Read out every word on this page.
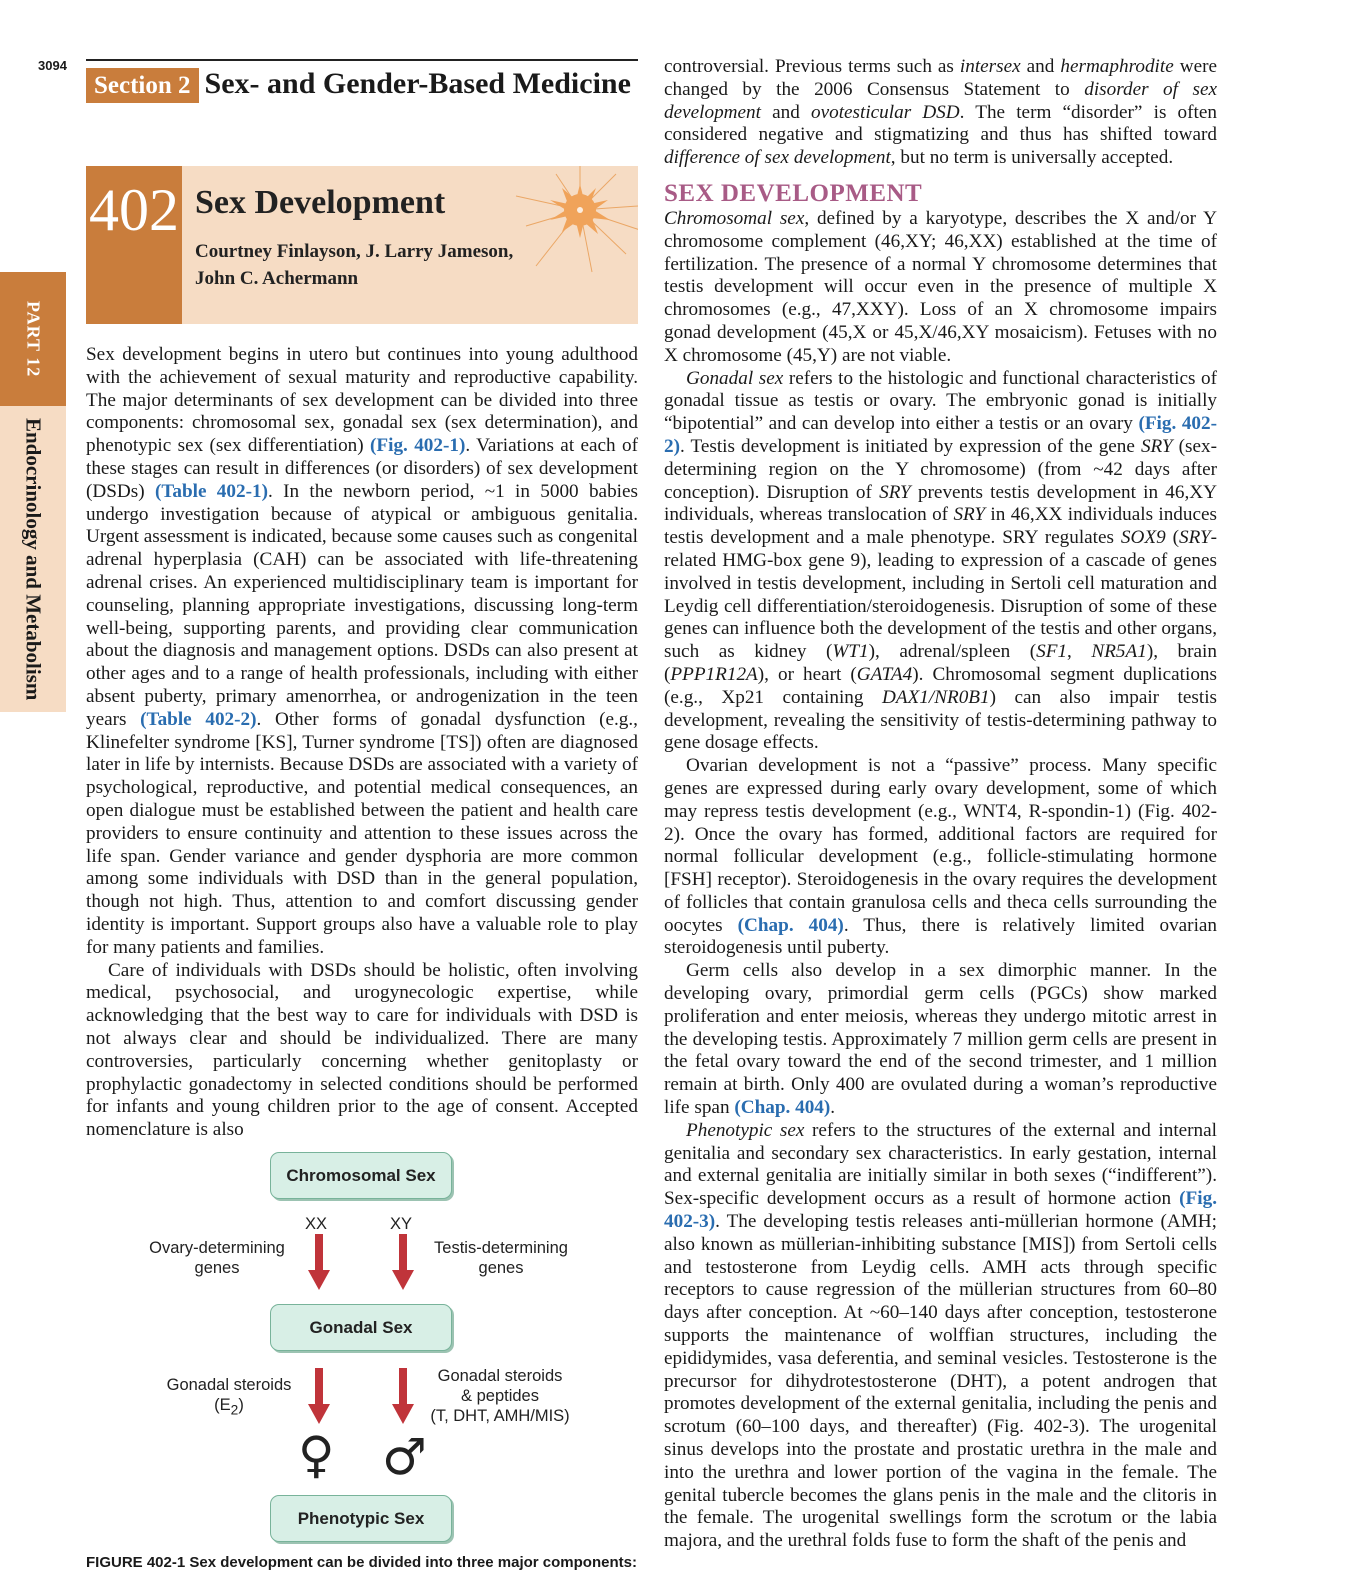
3094
Section 2 Sex- and Gender-Based Medicine
PART 12
Endocrinology and Metabolism
402 Sex Development
Courtney Finlayson, J. Larry Jameson,
John C. Achermann

Sex development begins in utero but continues into young adulthood with the achievement of sexual maturity and reproductive capability. The major determinants of sex development can be divided into three components: chromosomal sex, gonadal sex (sex determination), and phenotypic sex (sex differentiation) (Fig. 402-1). Variations at each of these stages can result in differences (or disorders) of sex development (DSDs) (Table 402-1). In the newborn period, ~1 in 5000 babies undergo investigation because of atypical or ambiguous genitalia. Urgent assessment is indicated, because some causes such as congenital adrenal hyperplasia (CAH) can be associated with life-threatening adrenal crises. An experienced multidisciplinary team is important for counseling, planning appropriate investigations, discussing long-term well-being, supporting parents, and providing clear communication about the diagnosis and management options. DSDs can also present at other ages and to a range of health professionals, including with either absent puberty, primary amenorrhea, or androgenization in the teen years (Table 402-2). Other forms of gonadal dysfunction (e.g., Klinefelter syndrome [KS], Turner syndrome [TS]) often are diagnosed later in life by internists. Because DSDs are associated with a variety of psychological, reproductive, and potential medical consequences, an open dialogue must be established between the patient and health care providers to ensure continuity and attention to these issues across the life span. Gender variance and gender dysphoria are more common among some individuals with DSD than in the general population, though not high. Thus, attention to and comfort discussing gender identity is important. Support groups also have a valuable role to play for many patients and families.

Care of individuals with DSDs should be holistic, often involving medical, psychosocial, and urogynecologic expertise, while acknowledging that the best way to care for individuals with DSD is not always clear and should be individualized. There are many controversies, particularly concerning whether genitoplasty or prophylactic gonadectomy in selected conditions should be performed for infants and young children prior to the age of consent. Accepted nomenclature is also

controversial. Previous terms such as intersex and hermaphrodite were changed by the 2006 Consensus Statement to disorder of sex development and ovotesticular DSD. The term “disorder” is often considered negative and stigmatizing and thus has shifted toward difference of sex development, but no term is universally accepted.

SEX DEVELOPMENT

Chromosomal sex, defined by a karyotype, describes the X and/or Y chromosome complement (46,XY; 46,XX) established at the time of fertilization. The presence of a normal Y chromosome determines that testis development will occur even in the presence of multiple X chromosomes (e.g., 47,XXY). Loss of an X chromosome impairs gonad development (45,X or 45,X/46,XY mosaicism). Fetuses with no X chromosome (45,Y) are not viable.

Gonadal sex refers to the histologic and functional characteristics of gonadal tissue as testis or ovary. The embryonic gonad is initially “bipotential” and can develop into either a testis or an ovary (Fig. 402-2). Testis development is initiated by expression of the gene SRY (sex-determining region on the Y chromosome) (from ~42 days after conception). Disruption of SRY prevents testis development in 46,XY individuals, whereas translocation of SRY in 46,XX individuals induces testis development and a male phenotype. SRY regulates SOX9 (SRY-related HMG-box gene 9), leading to expression of a cascade of genes involved in testis development, including in Sertoli cell maturation and Leydig cell differentiation/steroidogenesis. Disruption of some of these genes can influence both the development of the testis and other organs, such as kidney (WT1), adrenal/spleen (SF1, NR5A1), brain (PPP1R12A), or heart (GATA4). Chromosomal segment duplications (e.g., Xp21 containing DAX1/NR0B1) can also impair testis development, revealing the sensitivity of testis-determining pathway to gene dosage effects.

Ovarian development is not a “passive” process. Many specific genes are expressed during early ovary development, some of which may repress testis development (e.g., WNT4, R-spondin-1) (Fig. 402-2). Once the ovary has formed, additional factors are required for normal follicular development (e.g., follicle-stimulating hormone [FSH] receptor). Steroidogenesis in the ovary requires the development of follicles that contain granulosa cells and theca cells surrounding the oocytes (Chap. 404). Thus, there is relatively limited ovarian steroidogenesis until puberty.

Germ cells also develop in a sex dimorphic manner. In the developing ovary, primordial germ cells (PGCs) show marked proliferation and enter meiosis, whereas they undergo mitotic arrest in the developing testis. Approximately 7 million germ cells are present in the fetal ovary toward the end of the second trimester, and 1 million remain at birth. Only 400 are ovulated during a woman’s reproductive life span (Chap. 404).

Phenotypic sex refers to the structures of the external and internal genitalia and secondary sex characteristics. In early gestation, internal and external genitalia are initially similar in both sexes (“indifferent”). Sex-specific development occurs as a result of hormone action (Fig. 402-3). The developing testis releases anti-müllerian hormone (AMH; also known as müllerian-inhibiting substance [MIS]) from Sertoli cells and testosterone from Leydig cells. AMH acts through specific receptors to cause regression of the müllerian structures from 60–80 days after conception. At ~60–140 days after conception, testosterone supports the maintenance of wolffian structures, including the epididymides, vasa deferentia, and seminal vesicles. Testosterone is the precursor for dihydrotestosterone (DHT), a potent androgen that promotes development of the external genitalia, including the penis and scrotum (60–100 days, and thereafter) (Fig. 402-3). The urogenital sinus develops into the prostate and prostatic urethra in the male and into the urethra and lower portion of the vagina in the female. The genital tubercle becomes the glans penis in the male and the clitoris in the female. The urogenital swellings form the scrotum or the labia majora, and the urethral folds fuse to form the shaft of the penis and

Chromosomal Sex
XX	XY
Ovary-determining
genes
Testis-determining
genes
Gonadal Sex
Gonadal steroids
$(E_2)$
Gonadal steroids
& peptides
(T, DHT, AMH/MIS)
♀ ♂
Phenotypic Sex
FIGURE 402-1 Sex development can be divided into three major components:
